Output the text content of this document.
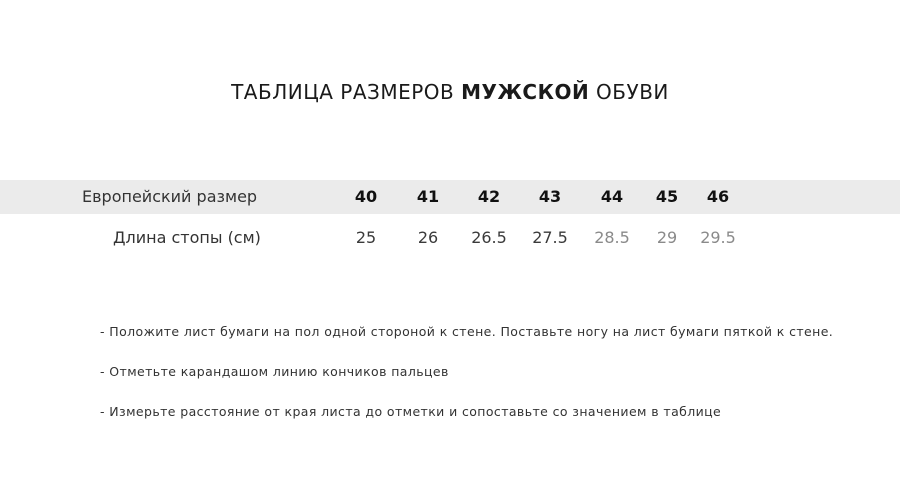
ТАБЛИЦА РАЗМЕРОВ МУЖСКОЙ ОБУВИ
Европейский размер	40	41	42	43	44	45	46
Длина стопы (см)	25	26	26.5	27.5	28.5	29	29.5
- Положите лист бумаги на пол одной стороной к стене. Поставьте ногу на лист бумаги пяткой к стене.
- Отметьте карандашом линию кончиков пальцев
- Измерьте расстояние от края листа до отметки и сопоставьте со значением в таблице
